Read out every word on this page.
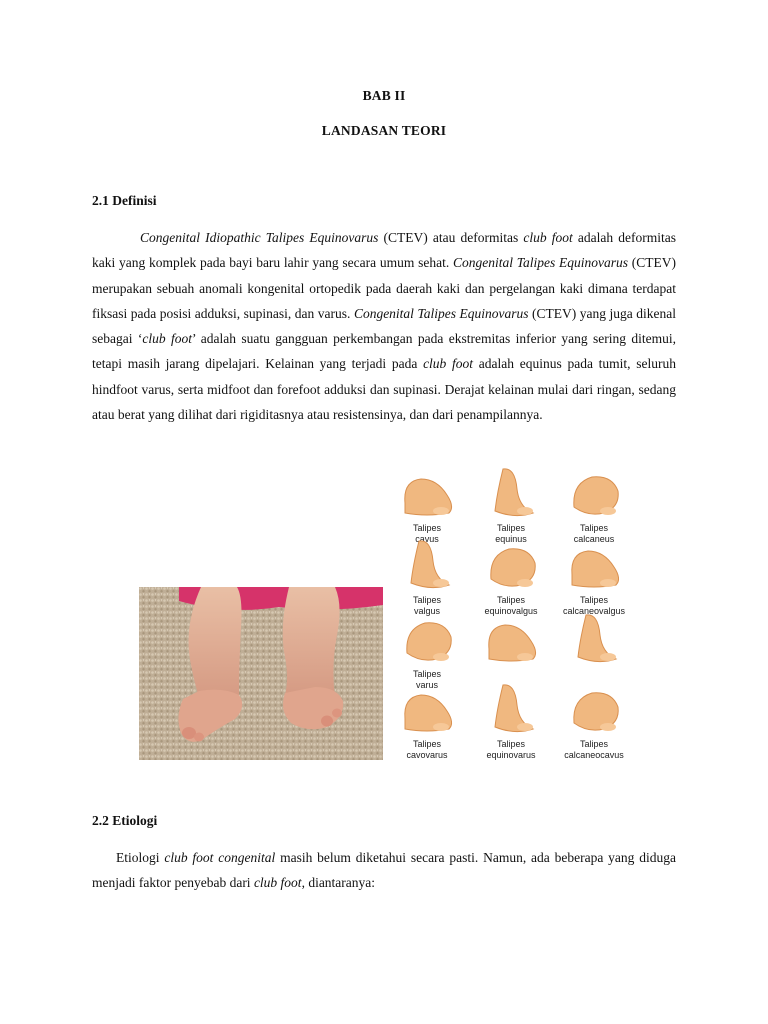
BAB II
LANDASAN TEORI
2.1 Definisi

Congenital Idiopathic Talipes Equinovarus (CTEV) atau deformitas club foot adalah deformitas kaki yang komplek pada bayi baru lahir yang secara umum sehat. Congenital Talipes Equinovarus (CTEV) merupakan sebuah anomali kongenital ortopedik pada daerah kaki dan pergelangan kaki dimana terdapat fiksasi pada posisi adduksi, supinasi, dan varus. Congenital Talipes Equinovarus (CTEV) yang juga dikenal sebagai ‘club foot’ adalah suatu gangguan perkembangan pada ekstremitas inferior yang sering ditemui, tetapi masih jarang dipelajari. Kelainan yang terjadi pada club foot adalah equinus pada tumit, seluruh hindfoot varus, serta midfoot dan forefoot adduksi dan supinasi. Derajat kelainan mulai dari ringan, sedang atau berat yang dilihat dari rigiditasnya atau resistensinya, dan dari penampilannya.

Talipes
cavus
Talipes
equinus
Talipes
calcaneus
Talipes
valgus
Talipes
equinovalgus
Talipes
calcaneovalgus
Talipes
varus
Talipes
cavovarus
Talipes
equinovarus
Talipes
calcaneocavus
2.2 Etiologi

Etiologi club foot congenital masih belum diketahui secara pasti. Namun, ada beberapa yang diduga menjadi faktor penyebab dari club foot, diantaranya:
